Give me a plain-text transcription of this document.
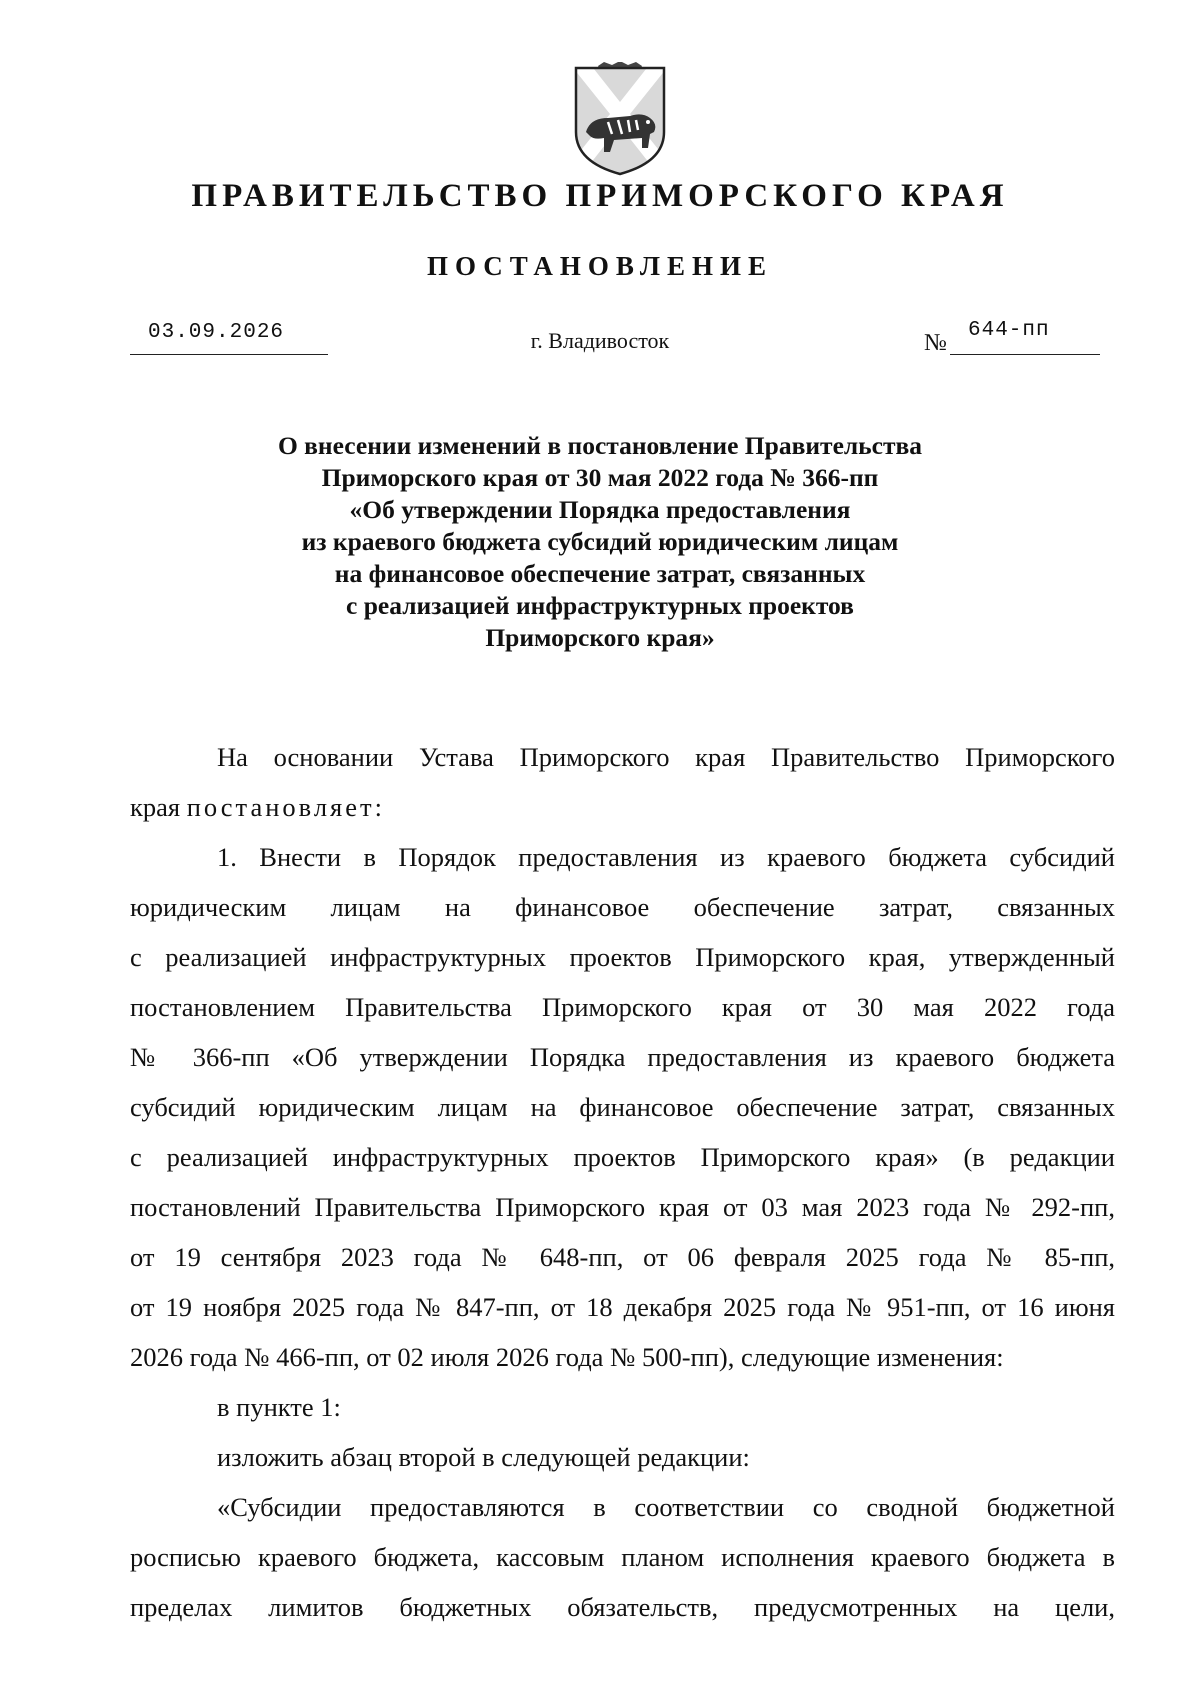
ПРАВИТЕЛЬСТВО ПРИМОРСКОГО КРАЯ
ПОСТАНОВЛЕНИЕ
03.09.2026	г. Владивосток	№ 644-пп
О внесении изменений в постановление Правительства
Приморского края от 30 мая 2022 года № 366-пп
«Об утверждении Порядка предоставления
из краевого бюджета субсидий юридическим лицам
на финансовое обеспечение затрат, связанных
с реализацией инфраструктурных проектов
Приморского края»
На основании Устава Приморского края Правительство Приморского
края постановляет:
1. Внести в Порядок предоставления из краевого бюджета субсидий
юридическим лицам на финансовое обеспечение затрат, связанных
с реализацией инфраструктурных проектов Приморского края, утвержденный
постановлением Правительства Приморского края от 30 мая 2022 года
№ 366-пп «Об утверждении Порядка предоставления из краевого бюджета
субсидий юридическим лицам на финансовое обеспечение затрат, связанных
с реализацией инфраструктурных проектов Приморского края» (в редакции
постановлений Правительства Приморского края от 03 мая 2023 года № 292-пп,
от 19 сентября 2023 года № 648-пп, от 06 февраля 2025 года № 85-пп,
от 19 ноября 2025 года № 847-пп, от 18 декабря 2025 года № 951-пп, от 16 июня
2026 года № 466-пп, от 02 июля 2026 года № 500-пп), следующие изменения:
в пункте 1:
изложить абзац второй в следующей редакции:
«Субсидии предоставляются в соответствии со сводной бюджетной
росписью краевого бюджета, кассовым планом исполнения краевого бюджета в
пределах лимитов бюджетных обязательств, предусмотренных на цели,
